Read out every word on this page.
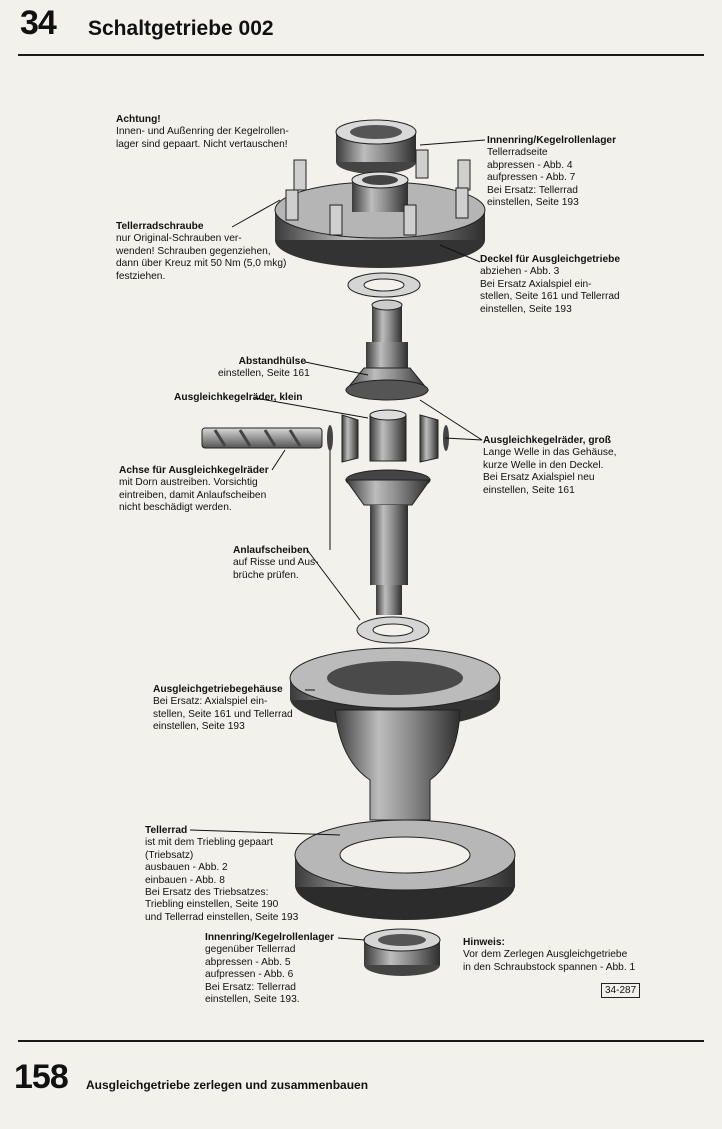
34 Schaltgetriebe 002
Achtung!
Innen- und Außenring der Kegelrollen-
lager sind gepaart. Nicht vertauschen!	Innenring/Kegelrollenlager
Tellerradseite
abpressen - Abb. 4
aufpressen - Abb. 7
Bei Ersatz: Tellerrad
einstellen, Seite 193
Tellerradschraube
nur Original-Schrauben ver-
wenden! Schrauben gegenziehen,
dann über Kreuz mit 50 Nm (5,0 mkg)
festziehen.
Deckel für Ausgleichgetriebe
abziehen - Abb. 3
Bei Ersatz Axialspiel ein-
stellen, Seite 161 und Tellerrad
einstellen, Seite 193
Abstandhülse
einstellen, Seite 161
Ausgleichkegelräder, klein
Ausgleichkegelräder, groß
Lange Welle in das Gehäuse,
kurze Welle in den Deckel.
Bei Ersatz Axialspiel neu
einstellen, Seite 161
Achse für Ausgleichkegelräder
mit Dorn austreiben. Vorsichtig
eintreiben, damit Anlaufscheiben
nicht beschädigt werden.
Anlaufscheiben
auf Risse und Aus-
brüche prüfen.
Ausgleichgetriebegehäuse
Bei Ersatz: Axialspiel ein-
stellen, Seite 161 und Tellerrad
einstellen, Seite 193
Tellerrad
ist mit dem Triebling gepaart
(Triebsatz)
ausbauen - Abb. 2
einbauen - Abb. 8
Bei Ersatz des Triebsatzes:
Triebling einstellen, Seite 190
und Tellerrad einstellen, Seite 193
Innenring/Kegelrollenlager
gegenüber Tellerrad
abpressen - Abb. 5
aufpressen - Abb. 6
Bei Ersatz: Tellerrad
einstellen, Seite 193.
Hinweis:
Vor dem Zerlegen Ausgleichgetriebe
in den Schraubstock spannen - Abb. 1
34-287
158 Ausgleichgetriebe zerlegen und zusammenbauen
